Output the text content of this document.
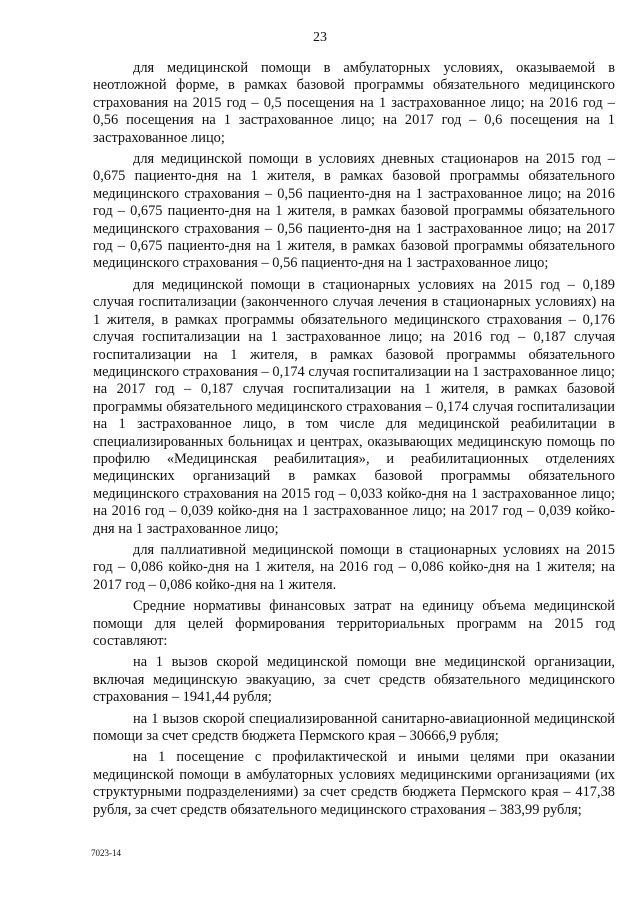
23

для медицинской помощи в амбулаторных условиях, оказываемой в неотложной форме, в рамках базовой программы обязательного медицинского страхования на 2015 год – 0,5 посещения на 1 застрахованное лицо; на 2016 год – 0,56 посещения на 1 застрахованное лицо; на 2017 год – 0,6 посещения на 1 застрахованное лицо;

для медицинской помощи в условиях дневных стационаров на 2015 год – 0,675 пациенто-дня на 1 жителя, в рамках базовой программы обязательного медицинского страхования – 0,56 пациенто-дня на 1 застрахованное лицо; на 2016 год – 0,675 пациенто-дня на 1 жителя, в рамках базовой программы обязательного медицинского страхования – 0,56 пациенто-дня на 1 застрахованное лицо; на 2017 год – 0,675 пациенто-дня на 1 жителя, в рамках базовой программы обязательного медицинского страхования – 0,56 пациенто-дня на 1 застрахованное лицо;

для медицинской помощи в стационарных условиях на 2015 год – 0,189 случая госпитализации (законченного случая лечения в стационарных условиях) на 1 жителя, в рамках программы обязательного медицинского страхования – 0,176 случая госпитализации на 1 застрахованное лицо; на 2016 год – 0,187 случая госпитализации на 1 жителя, в рамках базовой программы обязательного медицинского страхования – 0,174 случая госпитализации на 1 застрахованное лицо; на 2017 год – 0,187 случая госпитализации на 1 жителя, в рамках базовой программы обязательного медицинского страхования – 0,174 случая госпитализации на 1 застрахованное лицо, в том числе для медицинской реабилитации в специализированных больницах и центрах, оказывающих медицинскую помощь по профилю «Медицинская реабилитация», и реабилитационных отделениях медицинских организаций в рамках базовой программы обязательного медицинского страхования на 2015 год – 0,033 койко-дня на 1 застрахованное лицо; на 2016 год – 0,039 койко-дня на 1 застрахованное лицо; на 2017 год – 0,039 койко-дня на 1 застрахованное лицо;

для паллиативной медицинской помощи в стационарных условиях на 2015 год – 0,086 койко-дня на 1 жителя, на 2016 год – 0,086 койко-дня на 1 жителя; на 2017 год – 0,086 койко-дня на 1 жителя.

Средние нормативы финансовых затрат на единицу объема медицинской помощи для целей формирования территориальных программ на 2015 год составляют:

на 1 вызов скорой медицинской помощи вне медицинской организации, включая медицинскую эвакуацию, за счет средств обязательного медицинского страхования – 1941,44 рубля;

на 1 вызов скорой специализированной санитарно-авиационной медицинской помощи за счет средств бюджета Пермского края – 30666,9 рубля;

на 1 посещение с профилактической и иными целями при оказании медицинской помощи в амбулаторных условиях медицинскими организациями (их структурными подразделениями) за счет средств бюджета Пермского края – 417,38 рубля, за счет средств обязательного медицинского страхования – 383,99 рубля;

7023-14
